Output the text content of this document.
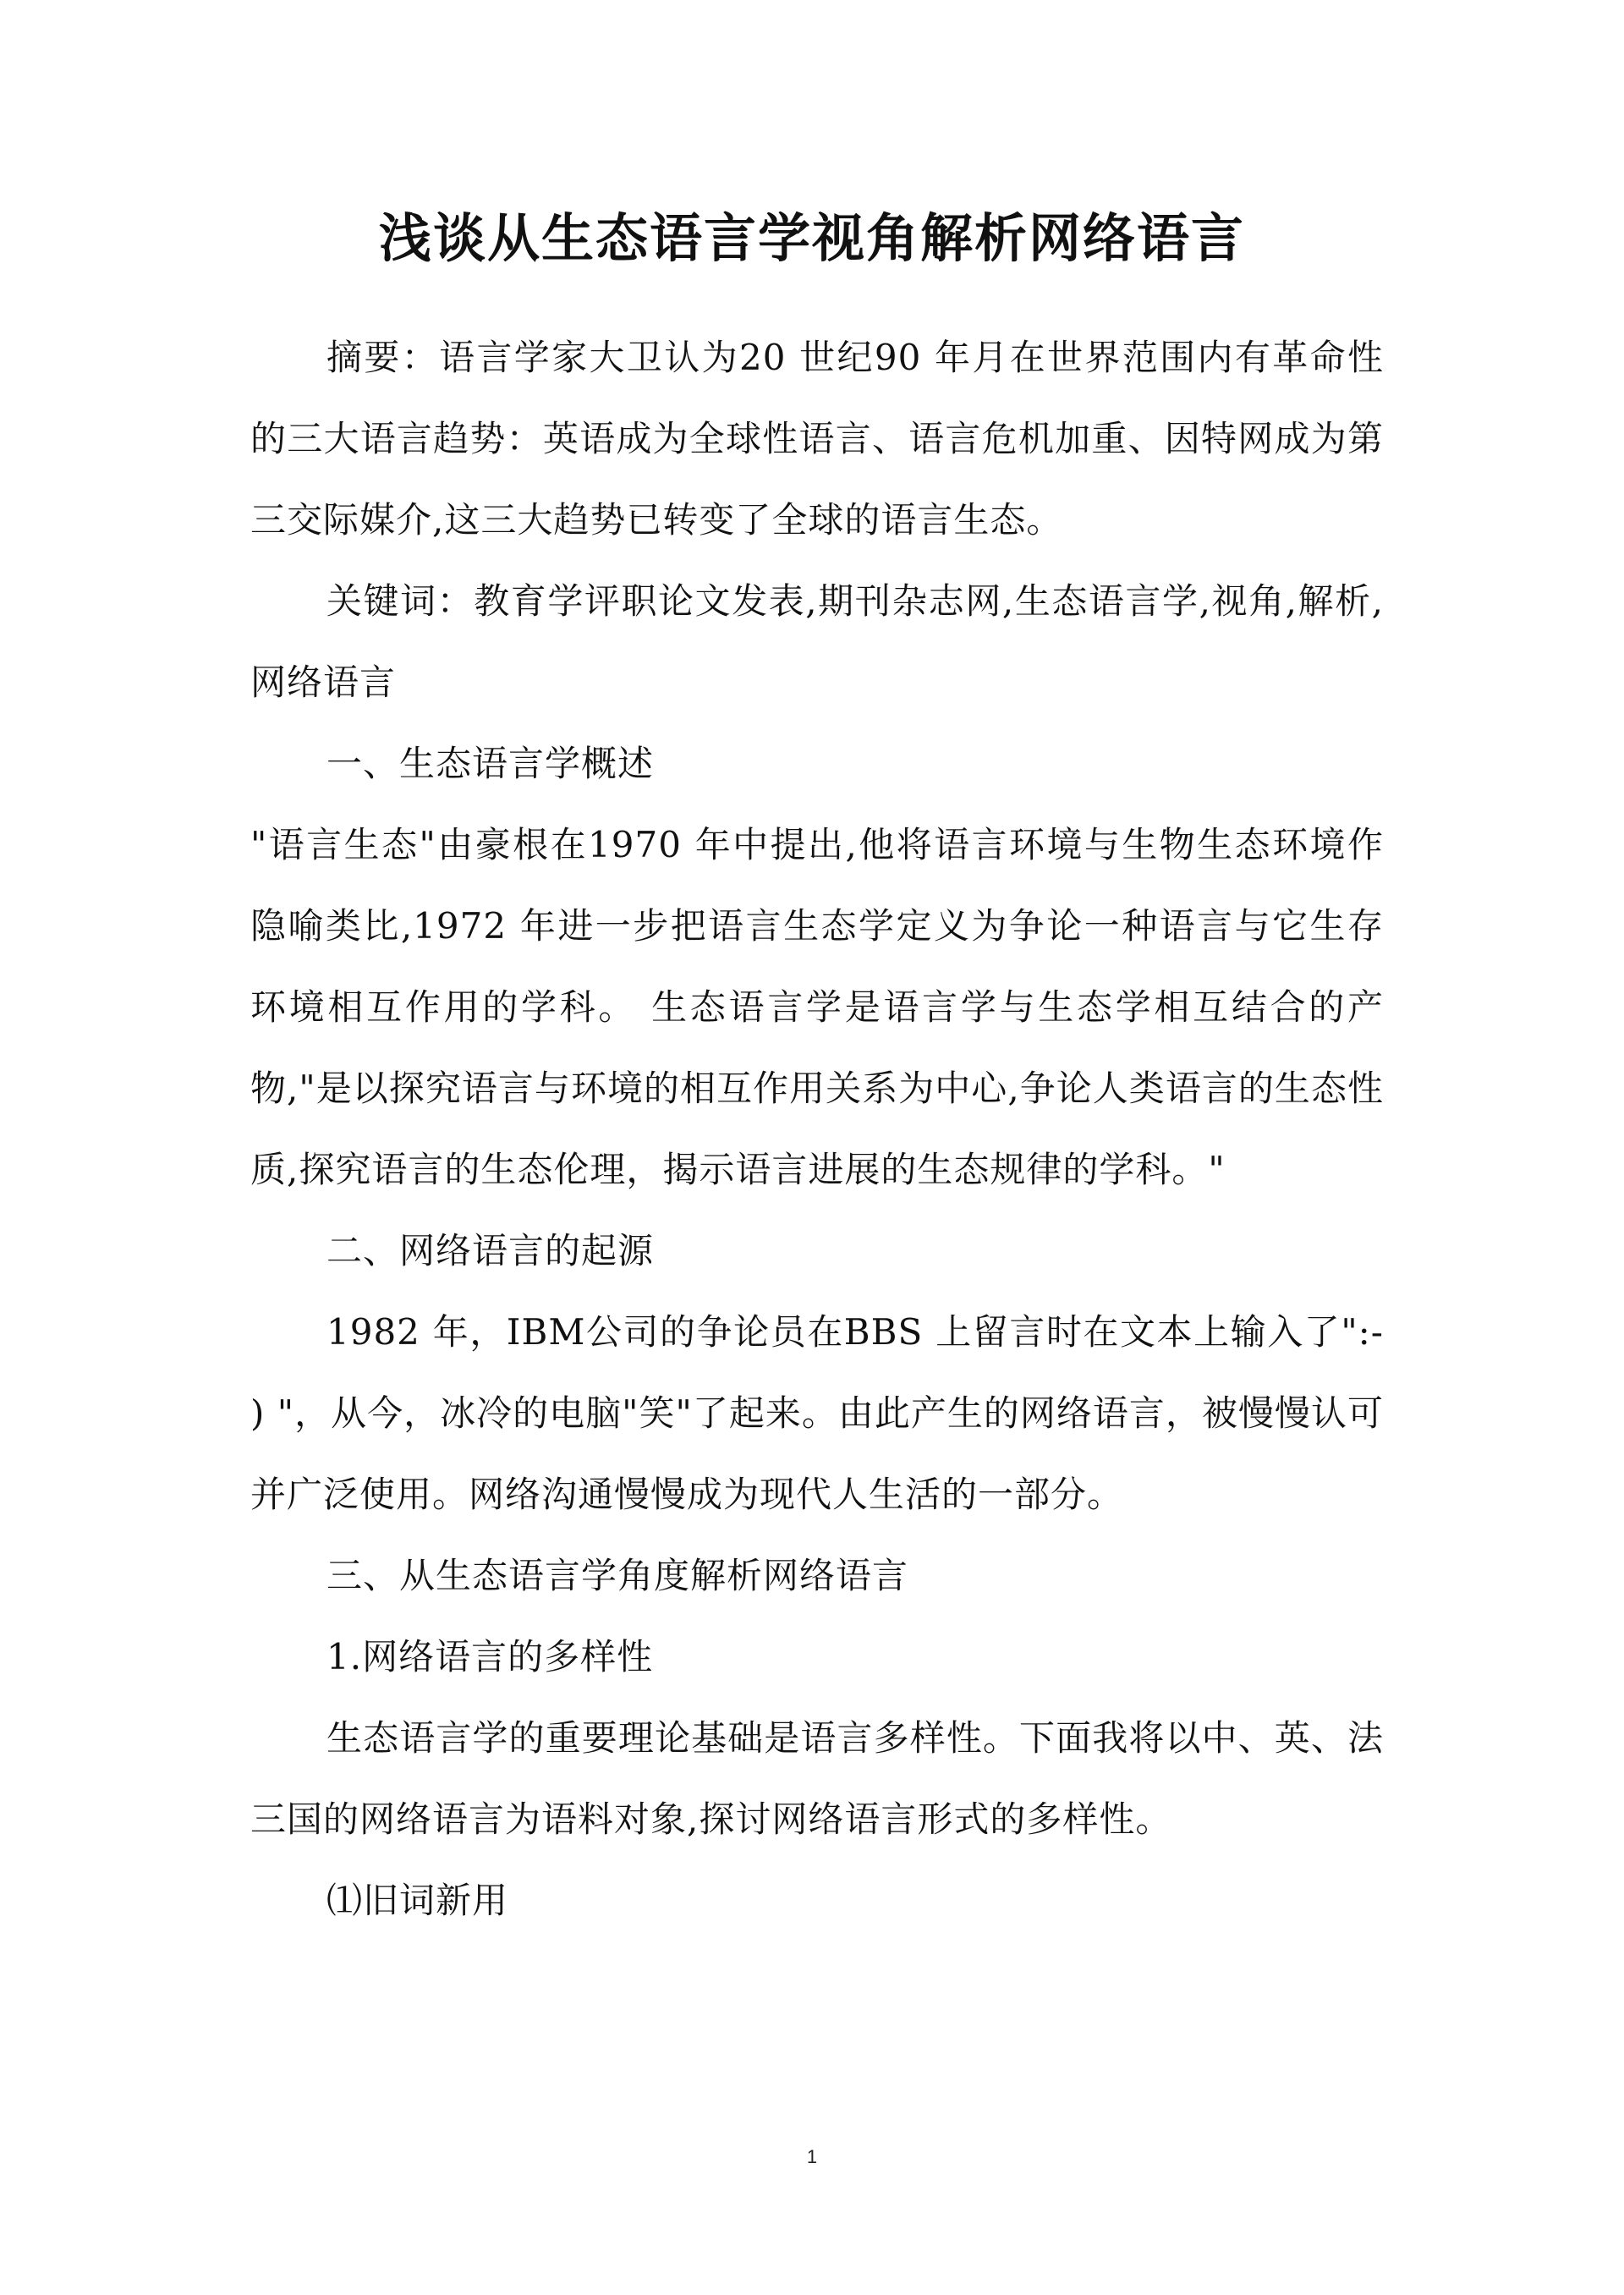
浅谈从生态语言学视角解析网络语言

摘要：语言学家大卫认为20 世纪90 年月在世界范围内有革命性的三大语言趋势：英语成为全球性语言、语言危机加重、因特网成为第三交际媒介,这三大趋势已转变了全球的语言生态。

关键词：教育学评职论文发表,期刊杂志网,生态语言学,视角,解析,网络语言

一、生态语言学概述

"语言生态"由豪根在1970 年中提出,他将语言环境与生物生态环境作隐喻类比,1972 年进一步把语言生态学定义为争论一种语言与它生存环境相互作用的学科。 生态语言学是语言学与生态学相互结合的产物,"是以探究语言与环境的相互作用关系为中心,争论人类语言的生态性质,探究语言的生态伦理，揭示语言进展的生态规律的学科。"

二、网络语言的起源

1982 年，IBM公司的争论员在BBS 上留言时在文本上输入了":- ) "，从今，冰冷的电脑"笑"了起来。由此产生的网络语言，被慢慢认可并广泛使用。网络沟通慢慢成为现代人生活的一部分。

三、从生态语言学角度解析网络语言

1.网络语言的多样性

生态语言学的重要理论基础是语言多样性。下面我将以中、英、法三国的网络语言为语料对象,探讨网络语言形式的多样性。

⑴旧词新用

1
